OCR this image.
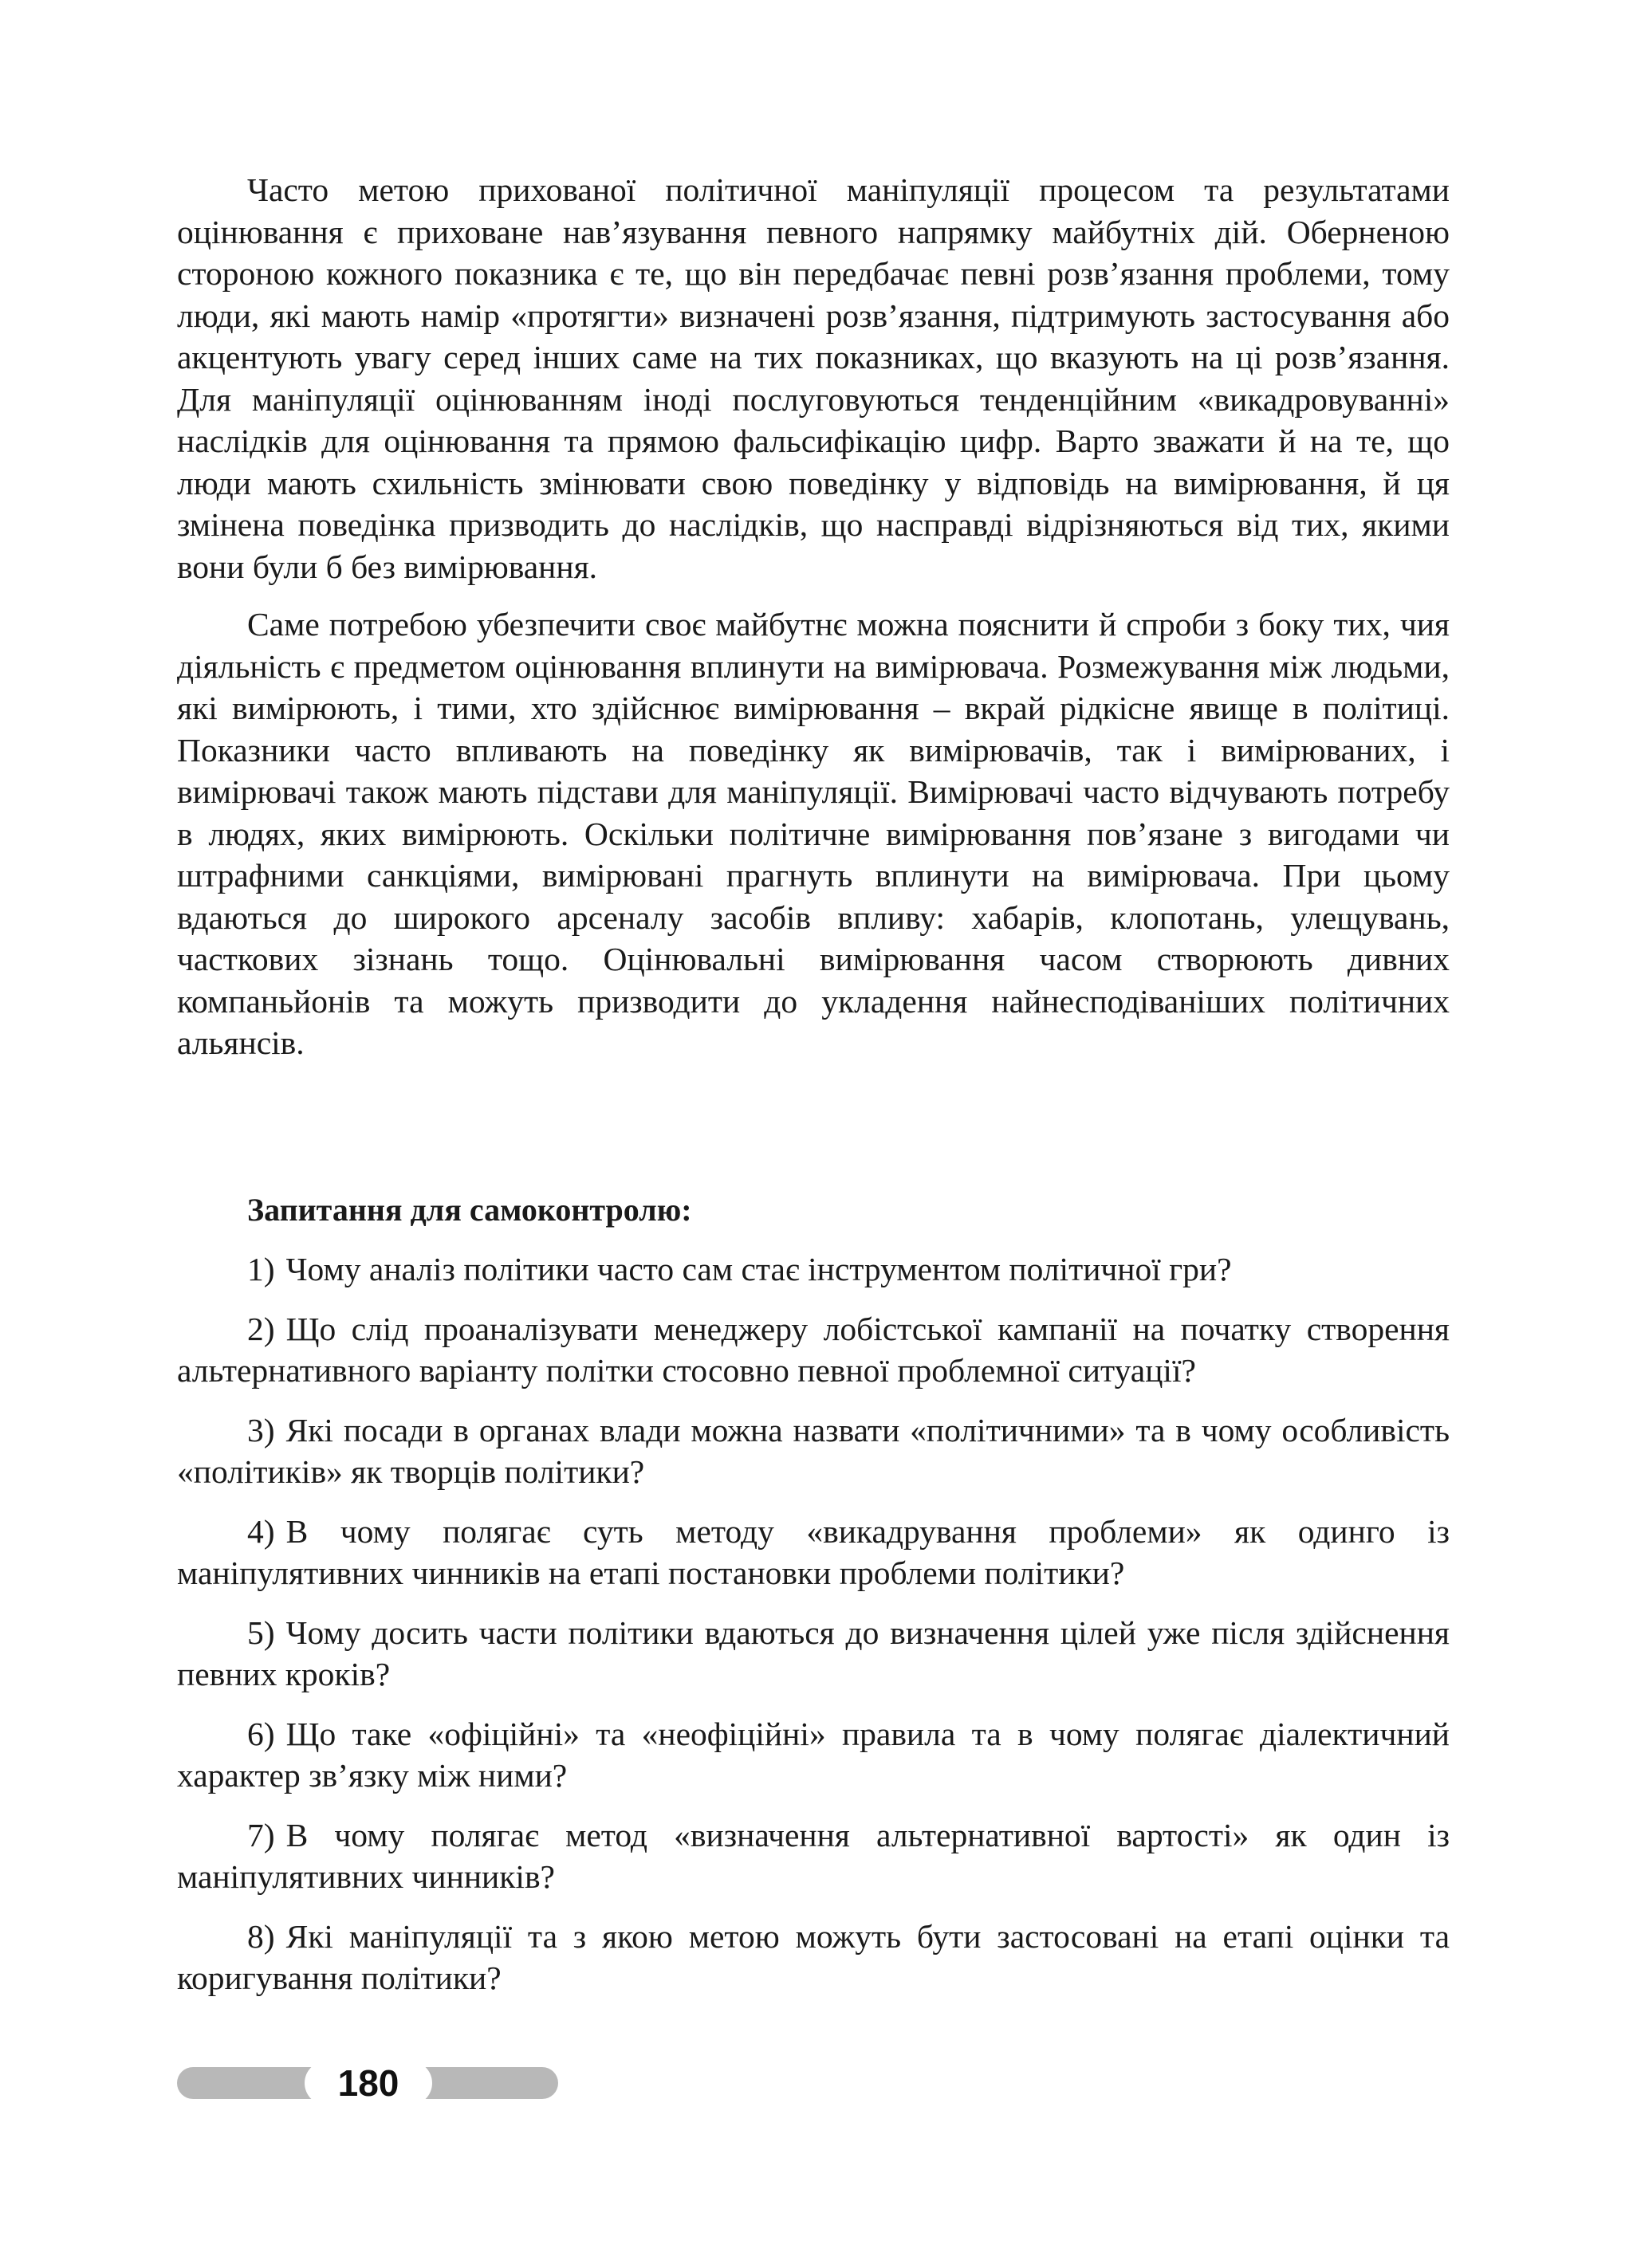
Часто метою прихованої політичної маніпуляції процесом та результатами оцінювання є приховане нав’язування певного напрямку майбутніх дій. Оберненою стороною кожного показника є те, що він передбачає певні розв’язання проблеми, тому люди, які мають намір «протягти» визначені розв’язання, підтримують застосування або акцентують увагу серед інших саме на тих показниках, що вказують на ці розв’язання. Для маніпуляції оцінюванням іноді послуговуються тенденційним «викадровуванні» наслідків для оцінювання та прямою фальсифікацію цифр. Варто зважати й на те, що люди мають схильність змінювати свою поведінку у відповідь на вимірювання, й ця змінена поведінка призводить до наслідків, що насправді відрізняються від тих, якими вони були б без вимірювання.

Саме потребою убезпечити своє майбутнє можна пояснити й спроби з боку тих, чия діяльність є предметом оцінювання вплинути на вимірювача. Розмежування між людьми, які вимірюють, і тими, хто здійснює вимірювання – вкрай рідкісне явище в політиці. Показники часто впливають на поведінку як вимірювачів, так і вимірюваних, і вимірювачі також мають підстави для маніпуляції. Вимірювачі часто відчувають потребу в людях, яких вимірюють. Оскільки політичне вимірювання пов’язане з вигодами чи штрафними санкціями, вимірювані прагнуть вплинути на вимірювача. При цьому вдаються до широкого арсеналу засобів впливу: хабарів, клопотань, улещувань, часткових зізнань тощо. Оцінювальні вимірювання часом створюють дивних компаньйонів та можуть призводити до укладення найнесподіваніших політичних альянсів.

Запитання для самоконтролю:
1) Чому аналіз політики часто сам стає інструментом політичної гри?
2) Що слід проаналізувати менеджеру лобістської кампанії на початку створення альтернативного варіанту політки стосовно певної проблемної ситуації?
3) Які посади в органах влади можна назвати «політичними» та в чому особливість «політиків» як творців політики?
4) В чому полягає суть методу «викадрування проблеми» як одинго із маніпулятивних чинників на етапі постановки проблеми політики?
5) Чому досить части політики вдаються до визначення цілей уже після здійснення певних кроків?
6) Що таке «офіційні» та «неофіційні» правила та в чому полягає діалектичний характер зв’язку між ними?
7) В чому полягає метод «визначення альтернативної вартості» як один із маніпулятивних чинників?
8) Які маніпуляції та з якою метою можуть бути застосовані на етапі оцінки та коригування політики?
180
